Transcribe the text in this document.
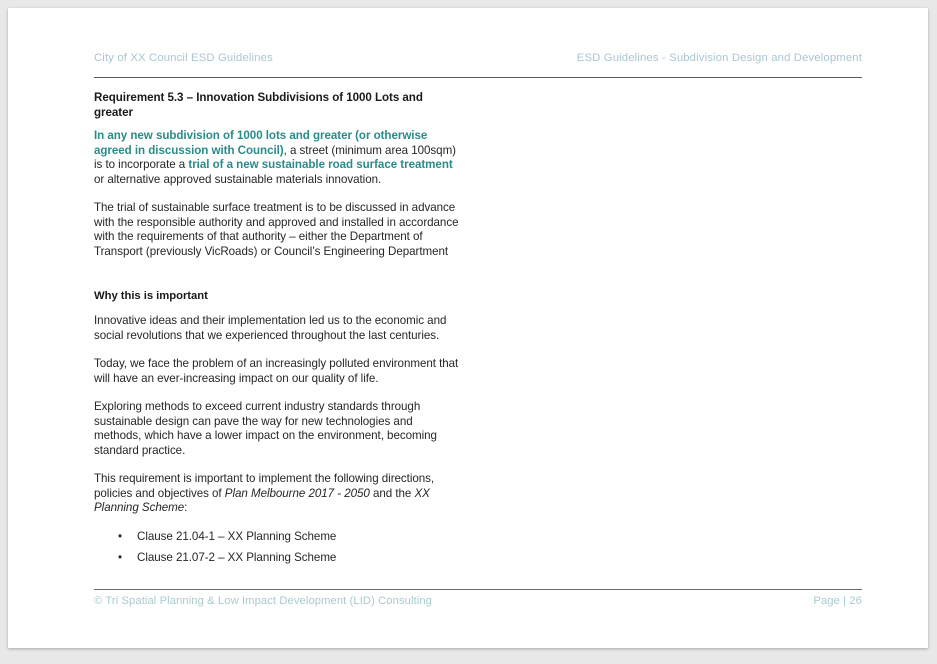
City of XX Council ESD Guidelines	ESD Guidelines - Subdivision Design and Development

Requirement 5.3 – Innovation Subdivisions of 1000 Lots and greater

In any new subdivision of 1000 lots and greater (or otherwise agreed in discussion with Council), a street (minimum area 100sqm) is to incorporate a trial of a new sustainable road surface treatment or alternative approved sustainable materials innovation.

The trial of sustainable surface treatment is to be discussed in advance with the responsible authority and approved and installed in accordance with the requirements of that authority – either the Department of Transport (previously VicRoads) or Council’s Engineering Department

Why this is important

Innovative ideas and their implementation led us to the economic and social revolutions that we experienced throughout the last centuries.

Today, we face the problem of an increasingly polluted environment that will have an ever-increasing impact on our quality of life.

Exploring methods to exceed current industry standards through sustainable design can pave the way for new technologies and methods, which have a lower impact on the environment, becoming standard practice.

This requirement is important to implement the following directions, policies and objectives of Plan Melbourne 2017 - 2050 and the XX Planning Scheme:

• Clause 21.04-1 – XX Planning Scheme
• Clause 21.07-2 – XX Planning Scheme
© Tri Spatial Planning & Low Impact Development (LID) Consulting	Page | 26
